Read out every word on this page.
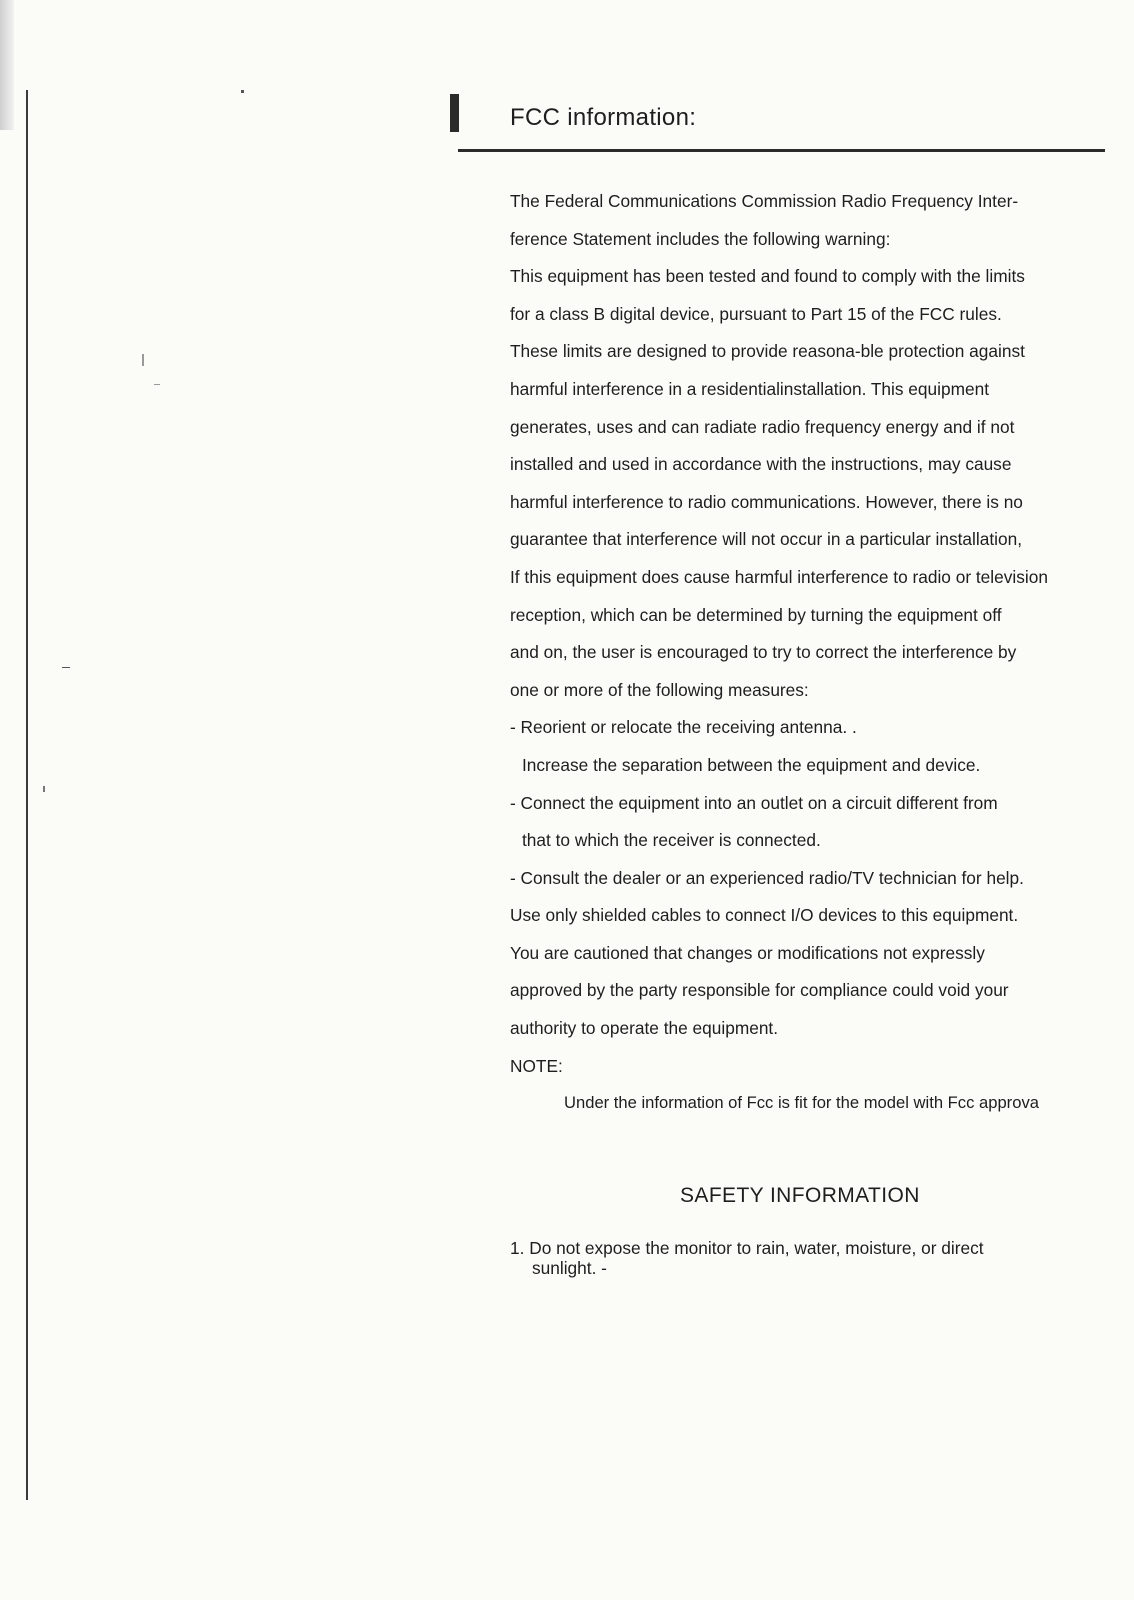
FCC information:
The Federal Communications Commission Radio Frequency Inter-
ference Statement includes the following warning:
This equipment has been tested and found to comply with the limits
for a class B digital device, pursuant to Part 15 of the FCC rules.
These limits are designed to provide reasona-ble protection against
harmful interference in a residentialinstallation. This equipment
generates, uses and can radiate radio frequency energy and if not
installed and used in accordance with the instructions, may cause
harmful interference to radio communications. However, there is no
guarantee that interference will not occur in a particular installation,
If this equipment does cause harmful interference to radio or television
reception, which can be determined by turning the equipment off
and on, the user is encouraged to try to correct the interference by
one or more of the following measures:
- Reorient or relocate the receiving antenna. .
Increase the separation between the equipment and device.
- Connect the equipment into an outlet on a circuit different from
that to which the receiver is connected.
- Consult the dealer or an experienced radio/TV technician for help.
Use only shielded cables to connect I/O devices to this equipment.
You are cautioned that changes or modifications not expressly
approved by the party responsible for compliance could void your
authority to operate the equipment.
NOTE:
Under the information of Fcc is fit for the model with Fcc approva
SAFETY INFORMATION
1. Do not expose the monitor to rain, water, moisture, or direct
sunlight. -
